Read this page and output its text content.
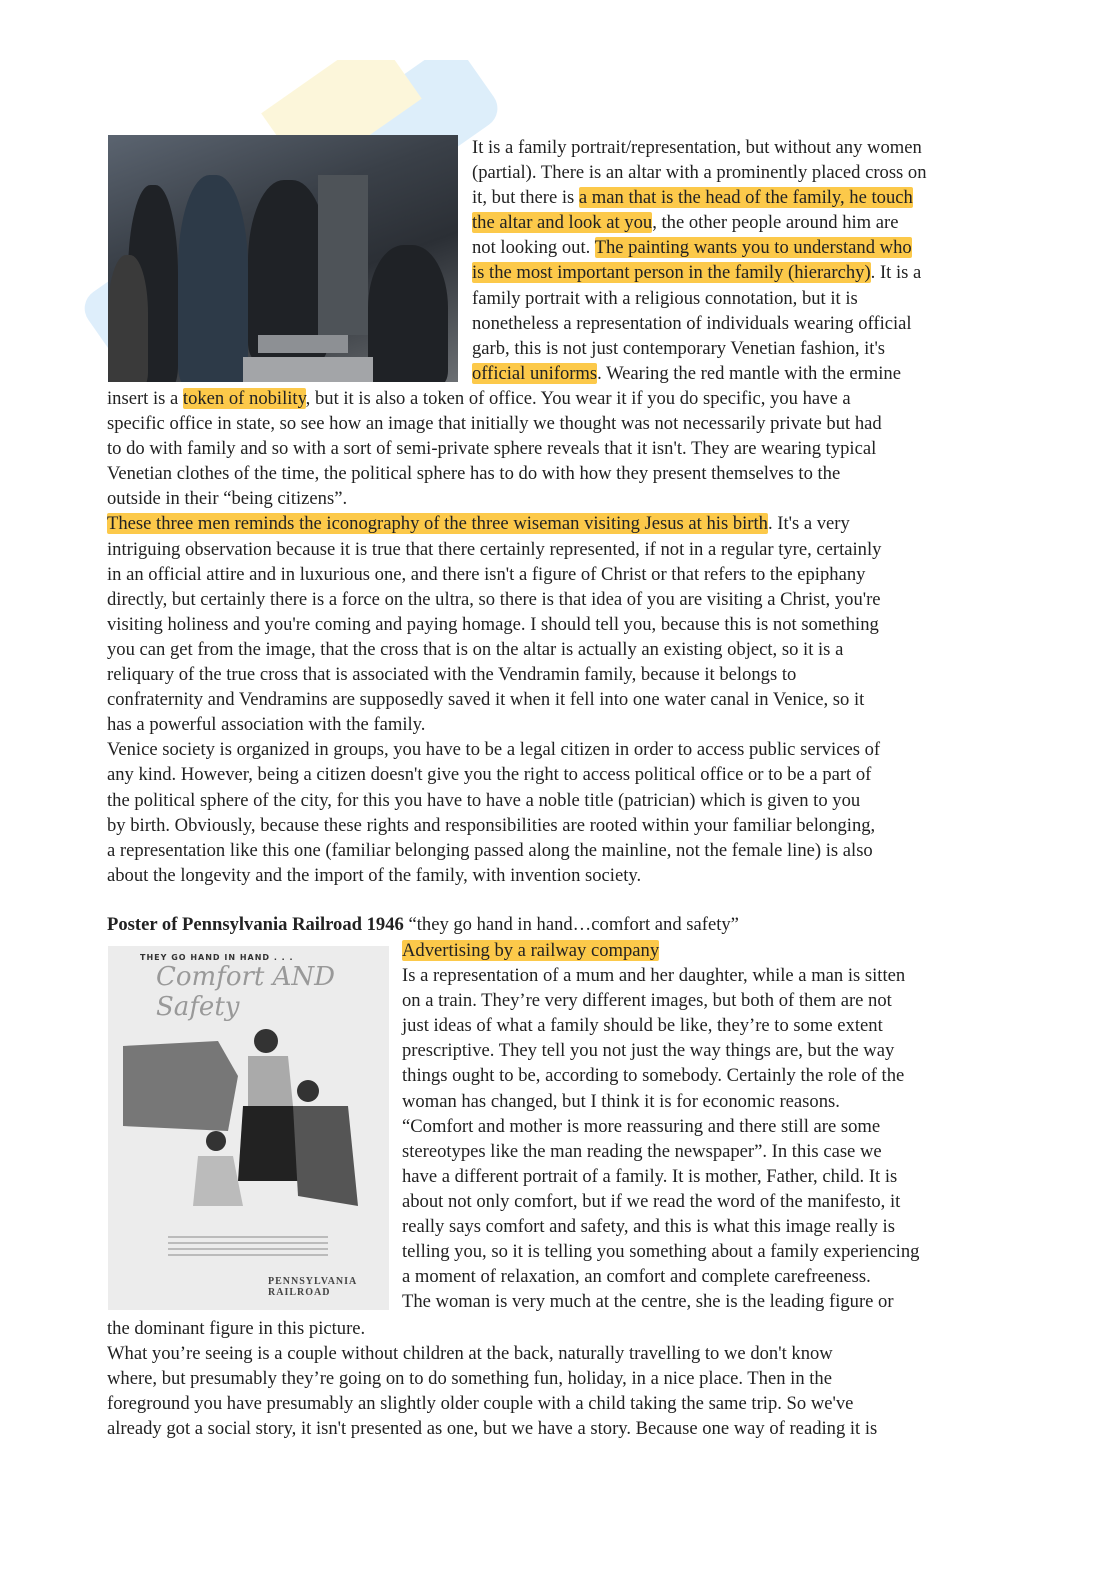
It is a family portrait/representation, but without any women
(partial). There is an altar with a prominently placed cross on
it, but there is a man that is the head of the family, he touch
the altar and look at you, the other people around him are
not looking out. The painting wants you to understand who
is the most important person in the family (hierarchy). It is a
family portrait with a religious connotation, but it is
nonetheless a representation of individuals wearing official
garb, this is not just contemporary Venetian fashion, it's
official uniforms. Wearing the red mantle with the ermine
insert is a token of nobility, but it is also a token of office. You wear it if you do specific, you have a
specific office in state, so see how an image that initially we thought was not necessarily private but had
to do with family and so with a sort of semi-private sphere reveals that it isn't. They are wearing typical
Venetian clothes of the time, the political sphere has to do with how they present themselves to the
outside in their “being citizens”.
These three men reminds the iconography of the three wiseman visiting Jesus at his birth. It's a very
intriguing observation because it is true that there certainly represented, if not in a regular tyre, certainly
in an official attire and in luxurious one, and there isn't a figure of Christ or that refers to the epiphany
directly, but certainly there is a force on the ultra, so there is that idea of you are visiting a Christ, you're
visiting holiness and you're coming and paying homage. I should tell you, because this is not something
you can get from the image, that the cross that is on the altar is actually an existing object, so it is a
reliquary of the true cross that is associated with the Vendramin family, because it belongs to
confraternity and Vendramins are supposedly saved it when it fell into one water canal in Venice, so it
has a powerful association with the family.
Venice society is organized in groups, you have to be a legal citizen in order to access public services of
any kind. However, being a citizen doesn't give you the right to access political office or to be a part of
the political sphere of the city, for this you have to have a noble title (patrician) which is given to you
by birth. Obviously, because these rights and responsibilities are rooted within your familiar belonging,
a representation like this one (familiar belonging passed along the mainline, not the female line) is also
about the longevity and the import of the family, with invention society.
Poster of Pennsylvania Railroad 1946 “they go hand in hand…comfort and safety”
THEY GO HAND IN HAND . . .
Comfort AND Safety
PENNSYLVANIA RAILROAD
Advertising by a railway company
Is a representation of a mum and her daughter, while a man is sitten
on a train. They’re very different images, but both of them are not
just ideas of what a family should be like, they’re to some extent
prescriptive. They tell you not just the way things are, but the way
things ought to be, according to somebody. Certainly the role of the
woman has changed, but I think it is for economic reasons.
“Comfort and mother is more reassuring and there still are some
stereotypes like the man reading the newspaper”. In this case we
have a different portrait of a family. It is mother, Father, child. It is
about not only comfort, but if we read the word of the manifesto, it
really says comfort and safety, and this is what this image really is
telling you, so it is telling you something about a family experiencing
a moment of relaxation, an comfort and complete carefreeness.
The woman is very much at the centre, she is the leading figure or
the dominant figure in this picture.
What you’re seeing is a couple without children at the back, naturally travelling to we don't know
where, but presumably they’re going on to do something fun, holiday, in a nice place. Then in the
foreground you have presumably an slightly older couple with a child taking the same trip. So we've
already got a social story, it isn't presented as one, but we have a story. Because one way of reading it is
